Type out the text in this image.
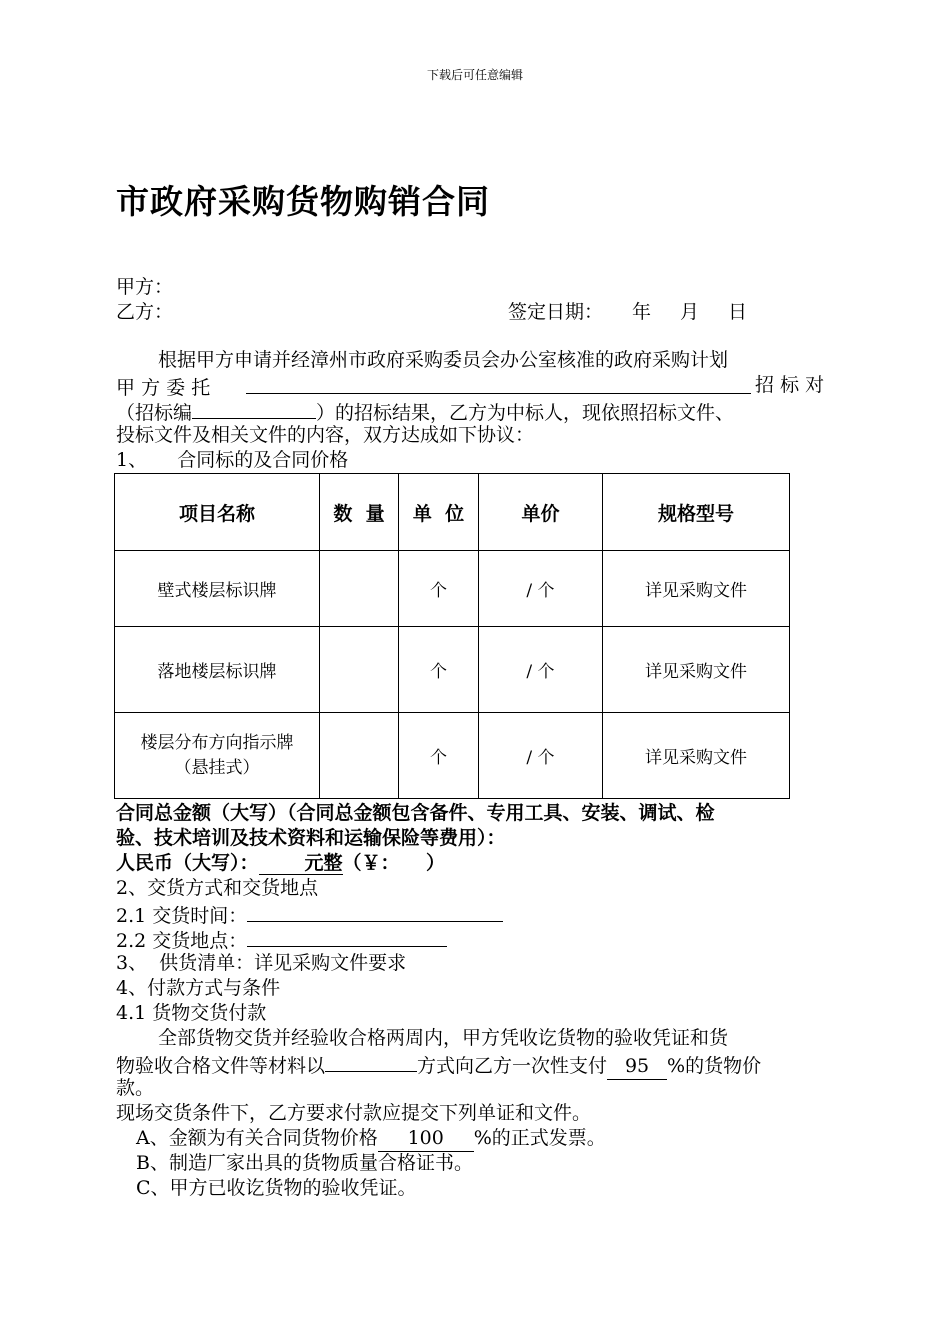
下载后可任意编辑
市政府采购货物购销合同
甲方：
乙方：	签定日期： 年 月 日
根据甲方申请并经漳州市政府采购委员会办公室核准的政府采购计划
甲 方 委 托	招 标 对
（招标编	）的招标结果，乙方为中标人，现依照招标文件、
投标文件及相关文件的内容，双方达成如下协议：
1、     合同标的及合同价格
项目名称	数  量	单  位	单价	规格型号
壁式楼层标识牌		个	/ 个	详见采购文件
落地楼层标识牌		个	/ 个	详见采购文件

楼层分布方向指示牌
（悬挂式）		个	/ 个	详见采购文件
合同总金额（大写）（合同总金额包含备件、专用工具、安装、调试、检
验、技术培训及技术资料和运输保险等费用）：
人民币（大写）： 元整（￥：    ）
2、交货方式和交货地点
2.1 交货时间：
2.2 交货地点：
3、  供货清单：详见采购文件要求
4、付款方式与条件
4.1 货物交货付款
全部货物交货并经验收合格两周内，甲方凭收讫货物的验收凭证和货
物验收合格文件等材料以	方式向乙方一次性支付 95 %的货物价
款。
现场交货条件下，乙方要求付款应提交下列单证和文件。
A、金额为有关合同货物价格 100 %的正式发票。
B、制造厂家出具的货物质量合格证书。
C、甲方已收讫货物的验收凭证。
